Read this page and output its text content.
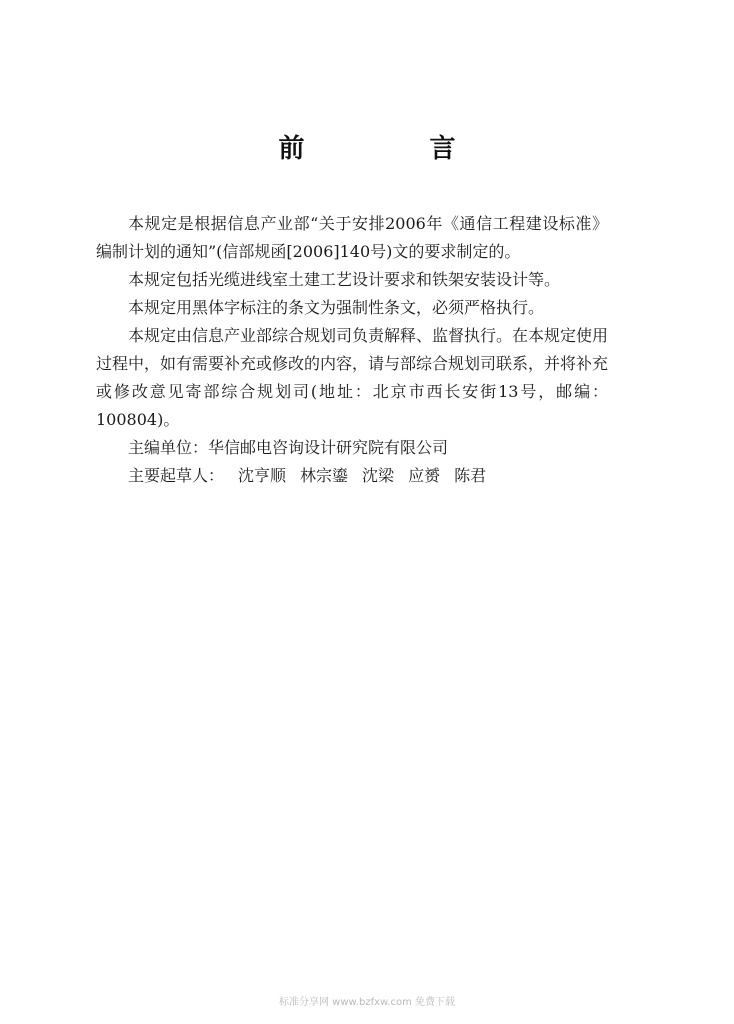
前 言

本规定是根据信息产业部“关于安排2006年《通信工程建设标准》编制计划的通知”(信部规函[2006]140号)文的要求制定的。

本规定包括光缆进线室土建工艺设计要求和铁架安装设计等。

本规定用黑体字标注的条文为强制性条文，必须严格执行。

本规定由信息产业部综合规划司负责解释、监督执行。在本规定使用过程中，如有需要补充或修改的内容，请与部综合规划司联系，并将补充或修改意见寄部综合规划司(地址：北京市西长安街13号，邮编：100804)。

主编单位：华信邮电咨询设计研究院有限公司

主要起草人： 沈亨顺 林宗鎏 沈梁 应赟 陈君

标准分享网 www.bzfxw.com 免费下载
